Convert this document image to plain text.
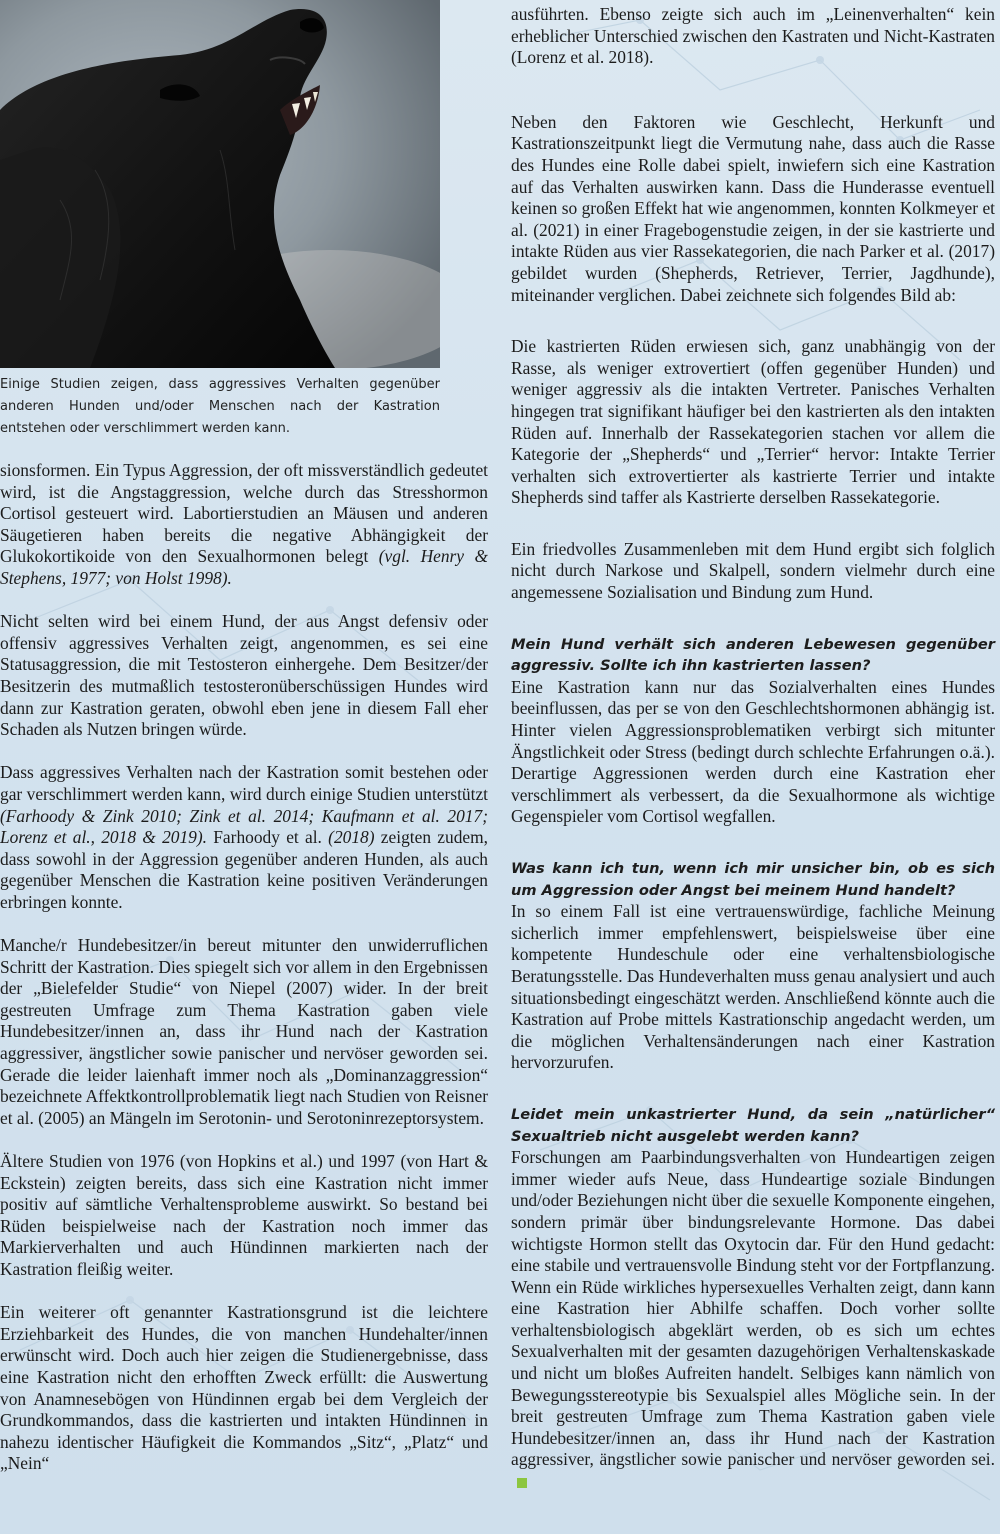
Einige Studien zeigen, dass aggressives Verhalten gegenüber anderen Hunden und/oder Menschen nach der Kastration entstehen oder verschlimmert werden kann.

sionsformen. Ein Typus Aggression, der oft missverständlich gedeutet wird, ist die Angstaggression, welche durch das Stresshormon Cortisol gesteuert wird. Labortierstudien an Mäusen und anderen Säugetieren haben bereits die negative Abhängigkeit der Glukokortikoide von den Sexualhormonen belegt (vgl. Henry & Stephens, 1977; von Holst 1998).

Nicht selten wird bei einem Hund, der aus Angst defensiv oder offensiv aggressives Verhalten zeigt, angenommen, es sei eine Statusaggression, die mit Testosteron einhergehe. Dem Besitzer/der Besitzerin des mutmaßlich testosteronüberschüssigen Hundes wird dann zur Kastration geraten, obwohl eben jene in diesem Fall eher Schaden als Nutzen bringen würde.

Dass aggressives Verhalten nach der Kastration somit bestehen oder gar verschlimmert werden kann, wird durch einige Studien unterstützt (Farhoody & Zink 2010; Zink et al. 2014; Kaufmann et al. 2017; Lorenz et al., 2018 & 2019). Farhoody et al. (2018) zeigten zudem, dass sowohl in der Aggression gegenüber anderen Hunden, als auch gegenüber Menschen die Kastration keine positiven Veränderungen erbringen konnte.

Manche/r Hundebesitzer/in bereut mitunter den unwiderruflichen Schritt der Kastration. Dies spiegelt sich vor allem in den Ergebnissen der „Bielefelder Studie“ von Niepel (2007) wider. In der breit gestreuten Umfrage zum Thema Kastration gaben viele Hundebesitzer/innen an, dass ihr Hund nach der Kastration aggressiver, ängstlicher sowie panischer und nervöser geworden sei. Gerade die leider laienhaft immer noch als „Dominanzaggression“ bezeichnete Affektkontrollproblematik liegt nach Studien von Reisner et al. (2005) an Mängeln im Serotonin- und Serotoninrezeptorsystem.

Ältere Studien von 1976 (von Hopkins et al.) und 1997 (von Hart & Eckstein) zeigten bereits, dass sich eine Kastration nicht immer positiv auf sämtliche Verhaltensprobleme auswirkt. So bestand bei Rüden beispielweise nach der Kastration noch immer das Markierverhalten und auch Hündinnen markierten nach der Kastration fleißig weiter.

Ein weiterer oft genannter Kastrationsgrund ist die leichtere Erziehbarkeit des Hundes, die von manchen Hundehalter/innen erwünscht wird. Doch auch hier zeigen die Studienergebnisse, dass eine Kastration nicht den erhofften Zweck erfüllt: die Auswertung von Anamnesebögen von Hündinnen ergab bei dem Vergleich der Grundkommandos, dass die kastrierten und intakten Hündinnen in nahezu identischer Häufigkeit die Kommandos „Sitz“, „Platz“ und „Nein“

ausführten. Ebenso zeigte sich auch im „Leinenverhalten“ kein erheblicher Unterschied zwischen den Kastraten und Nicht-Kastraten (Lorenz et al. 2018).

Neben den Faktoren wie Geschlecht, Herkunft und Kastrationszeitpunkt liegt die Vermutung nahe, dass auch die Rasse des Hundes eine Rolle dabei spielt, inwiefern sich eine Kastration auf das Verhalten auswirken kann. Dass die Hunderasse eventuell keinen so großen Effekt hat wie angenommen, konnten Kolkmeyer et al. (2021) in einer Fragebogenstudie zeigen, in der sie kastrierte und intakte Rüden aus vier Rassekategorien, die nach Parker et al. (2017) gebildet wurden (Shepherds, Retriever, Terrier, Jagdhunde), miteinander verglichen. Dabei zeichnete sich folgendes Bild ab:

Die kastrierten Rüden erwiesen sich, ganz unabhängig von der Rasse, als weniger extrovertiert (offen gegenüber Hunden) und weniger aggressiv als die intakten Vertreter. Panisches Verhalten hingegen trat signifikant häufiger bei den kastrierten als den intakten Rüden auf. Innerhalb der Rassekategorien stachen vor allem die Kategorie der „Shepherds“ und „Terrier“ hervor: Intakte Terrier verhalten sich extrovertierter als kastrierte Terrier und intakte Shepherds sind taffer als Kastrierte derselben Rassekategorie.

Ein friedvolles Zusammenleben mit dem Hund ergibt sich folglich nicht durch Narkose und Skalpell, sondern vielmehr durch eine angemessene Sozialisation und Bindung zum Hund.

Mein Hund verhält sich anderen Lebewesen gegenüber aggressiv. Sollte ich ihn kastrierten lassen?

Eine Kastration kann nur das Sozialverhalten eines Hundes beeinflussen, das per se von den Geschlechtshormonen abhängig ist. Hinter vielen Aggressionsproblematiken verbirgt sich mitunter Ängstlichkeit oder Stress (bedingt durch schlechte Erfahrungen o.ä.). Derartige Aggressionen werden durch eine Kastration eher verschlimmert als verbessert, da die Sexualhormone als wichtige Gegenspieler vom Cortisol wegfallen.

Was kann ich tun, wenn ich mir unsicher bin, ob es sich um Aggression oder Angst bei meinem Hund handelt?

In so einem Fall ist eine vertrauenswürdige, fachliche Meinung sicherlich immer empfehlenswert, beispielsweise über eine kompetente Hundeschule oder eine verhaltensbiologische Beratungsstelle. Das Hundeverhalten muss genau analysiert und auch situationsbedingt eingeschätzt werden. Anschließend könnte auch die Kastration auf Probe mittels Kastrationschip angedacht werden, um die möglichen Verhaltensänderungen nach einer Kastration hervorzurufen.

Leidet mein unkastrierter Hund, da sein „natürlicher“ Sexualtrieb nicht ausgelebt werden kann?

Forschungen am Paarbindungsverhalten von Hundeartigen zeigen immer wieder aufs Neue, dass Hundeartige soziale Bindungen und/oder Beziehungen nicht über die sexuelle Komponente eingehen, sondern primär über bindungsrelevante Hormone. Das dabei wichtigste Hormon stellt das Oxytocin dar. Für den Hund gedacht: eine stabile und vertrauensvolle Bindung steht vor der Fortpflanzung. Wenn ein Rüde wirkliches hypersexuelles Verhalten zeigt, dann kann eine Kastration hier Abhilfe schaffen. Doch vorher sollte verhaltensbiologisch abgeklärt werden, ob es sich um echtes Sexualverhalten mit der gesamten dazugehörigen Verhaltenskaskade und nicht um bloßes Aufreiten handelt. Selbiges kann nämlich von Bewegungsstereotypie bis Sexualspiel alles Mögliche sein. In der breit gestreuten Umfrage zum Thema Kastration gaben viele Hundebesitzer/innen an, dass ihr Hund nach der Kastration aggressiver, ängstlicher sowie panischer und nervöser geworden sei.
